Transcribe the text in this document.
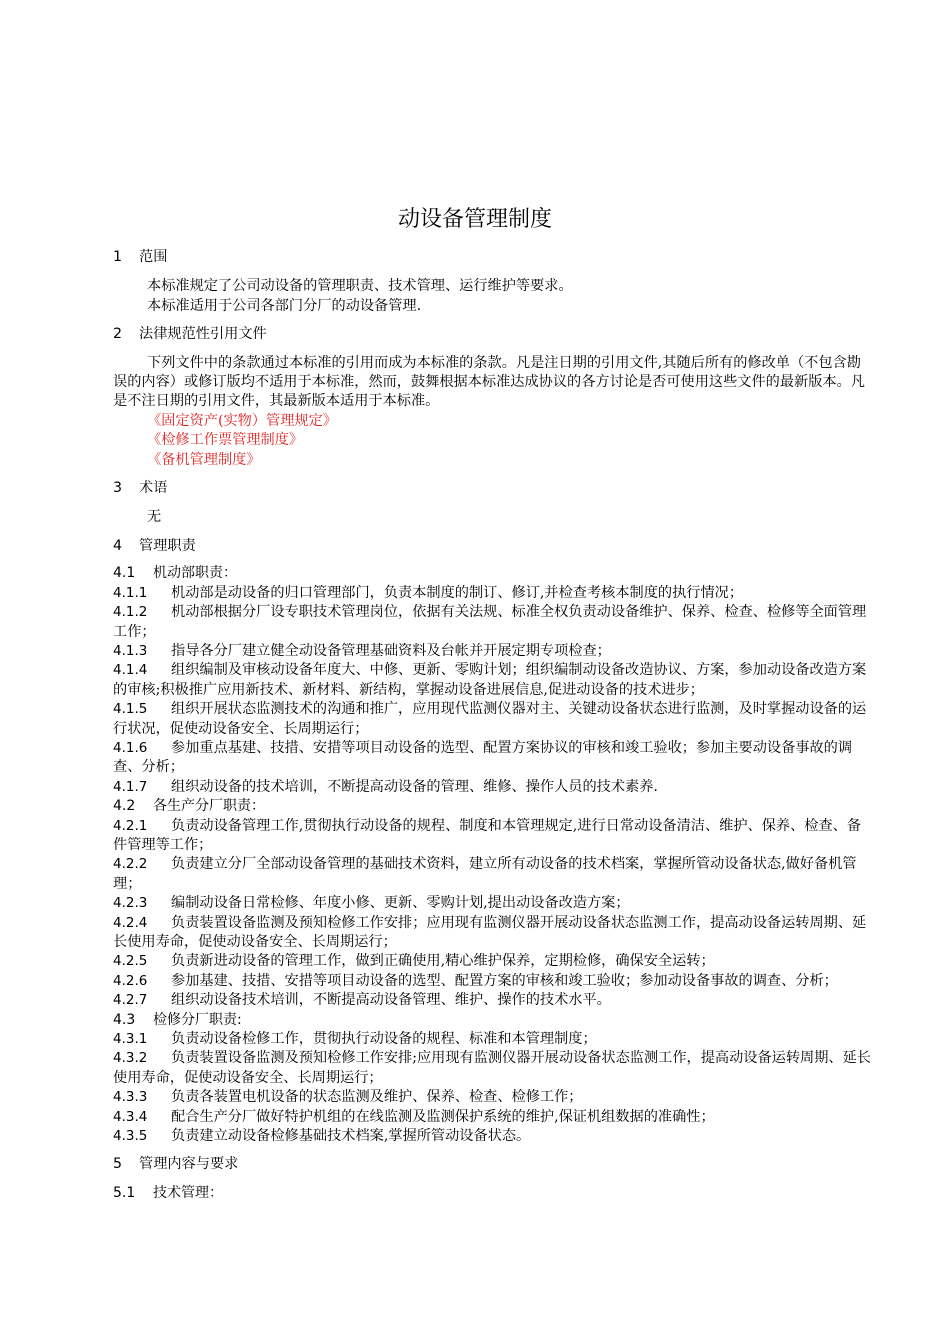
动设备管理制度
1 范围
本标准规定了公司动设备的管理职责、技术管理、运行维护等要求。
本标准适用于公司各部门分厂的动设备管理.
2 法律规范性引用文件
下列文件中的条款通过本标准的引用而成为本标准的条款。凡是注日期的引用文件,其随后所有的修改单（不包含勘误的内容）或修订版均不适用于本标准，然而，鼓舞根据本标准达成协议的各方讨论是否可使用这些文件的最新版本。凡是不注日期的引用文件，其最新版本适用于本标准。
《固定资产(实物）管理规定》
《检修工作票管理制度》
《备机管理制度》
3 术语
无
4 管理职责
4.1 机动部职责：
4.1.1 机动部是动设备的归口管理部门，负责本制度的制订、修订,并检查考核本制度的执行情况；
4.1.2 机动部根据分厂设专职技术管理岗位，依据有关法规、标准全权负责动设备维护、保养、检查、检修等全面管理工作；
4.1.3 指导各分厂建立健全动设备管理基础资料及台帐并开展定期专项检查；
4.1.4 组织编制及审核动设备年度大、中修、更新、零购计划；组织编制动设备改造协议、方案，参加动设备改造方案的审核;积极推广应用新技术、新材料、新结构，掌握动设备进展信息,促进动设备的技术进步；
4.1.5 组织开展状态监测技术的沟通和推广，应用现代监测仪器对主、关键动设备状态进行监测，及时掌握动设备的运行状况，促使动设备安全、长周期运行；
4.1.6 参加重点基建、技措、安措等项目动设备的选型、配置方案协议的审核和竣工验收；参加主要动设备事故的调查、分析；
4.1.7 组织动设备的技术培训，不断提高动设备的管理、维修、操作人员的技术素养.
4.2 各生产分厂职责：
4.2.1 负责动设备管理工作,贯彻执行动设备的规程、制度和本管理规定,进行日常动设备清洁、维护、保养、检查、备件管理等工作；
4.2.2 负责建立分厂全部动设备管理的基础技术资料，建立所有动设备的技术档案，掌握所管动设备状态,做好备机管理；
4.2.3 编制动设备日常检修、年度小修、更新、零购计划,提出动设备改造方案；
4.2.4 负责装置设备监测及预知检修工作安排；应用现有监测仪器开展动设备状态监测工作，提高动设备运转周期、延长使用寿命，促使动设备安全、长周期运行；
4.2.5 负责新进动设备的管理工作，做到正确使用,精心维护保养，定期检修，确保安全运转；
4.2.6 参加基建、技措、安措等项目动设备的选型、配置方案的审核和竣工验收；参加动设备事故的调查、分析；
4.2.7 组织动设备技术培训，不断提高动设备管理、维护、操作的技术水平。
4.3 检修分厂职责:
4.3.1 负责动设备检修工作，贯彻执行动设备的规程、标准和本管理制度；
4.3.2 负责装置设备监测及预知检修工作安排;应用现有监测仪器开展动设备状态监测工作，提高动设备运转周期、延长使用寿命，促使动设备安全、长周期运行；
4.3.3 负责各装置电机设备的状态监测及维护、保养、检查、检修工作；
4.3.4 配合生产分厂做好特护机组的在线监测及监测保护系统的维护,保证机组数据的准确性；
4.3.5 负责建立动设备检修基础技术档案,掌握所管动设备状态。
5 管理内容与要求
5.1 技术管理：
